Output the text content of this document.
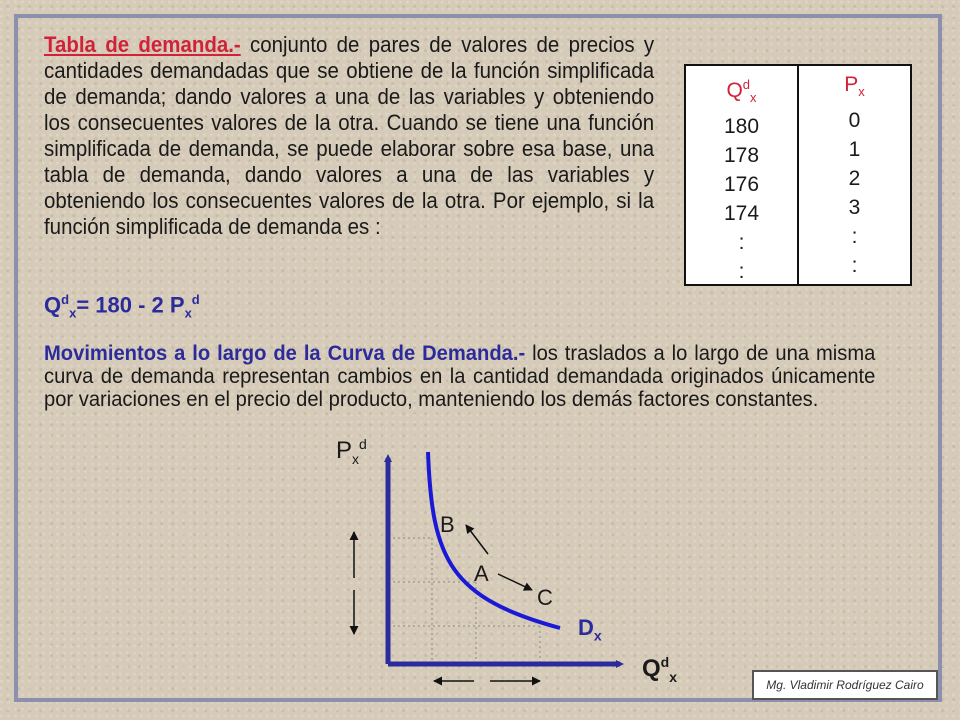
Tabla de demanda.- conjunto de pares de valores de precios y cantidades demandadas que se obtiene de la función simplificada de demanda; dando valores a una de las variables y obteniendo los consecuentes valores de la otra. Cuando se tiene una función simplificada de demanda, se puede elaborar sobre esa base, una tabla de demanda, dando valores a una de las variables y obteniendo los consecuentes valores de la otra. Por ejemplo, si la función simplificada de demanda es :
$Q^d_x= 180 - 2$ $P_x^d$
$Q^d_x$
180
178
176
174
:
:
$P_x$
0
1
2
3
:
:
Movimientos a lo largo de la Curva de Demanda.- los traslados a lo largo de una misma curva de demanda representan cambios en la cantidad demandada originados únicamente por variaciones en el precio del producto, manteniendo los demás factores constantes.
$P_x^d$
B
A
C
$D_x$
$Q^d_x$
Mg. Vladimir Rodríguez Cairo
